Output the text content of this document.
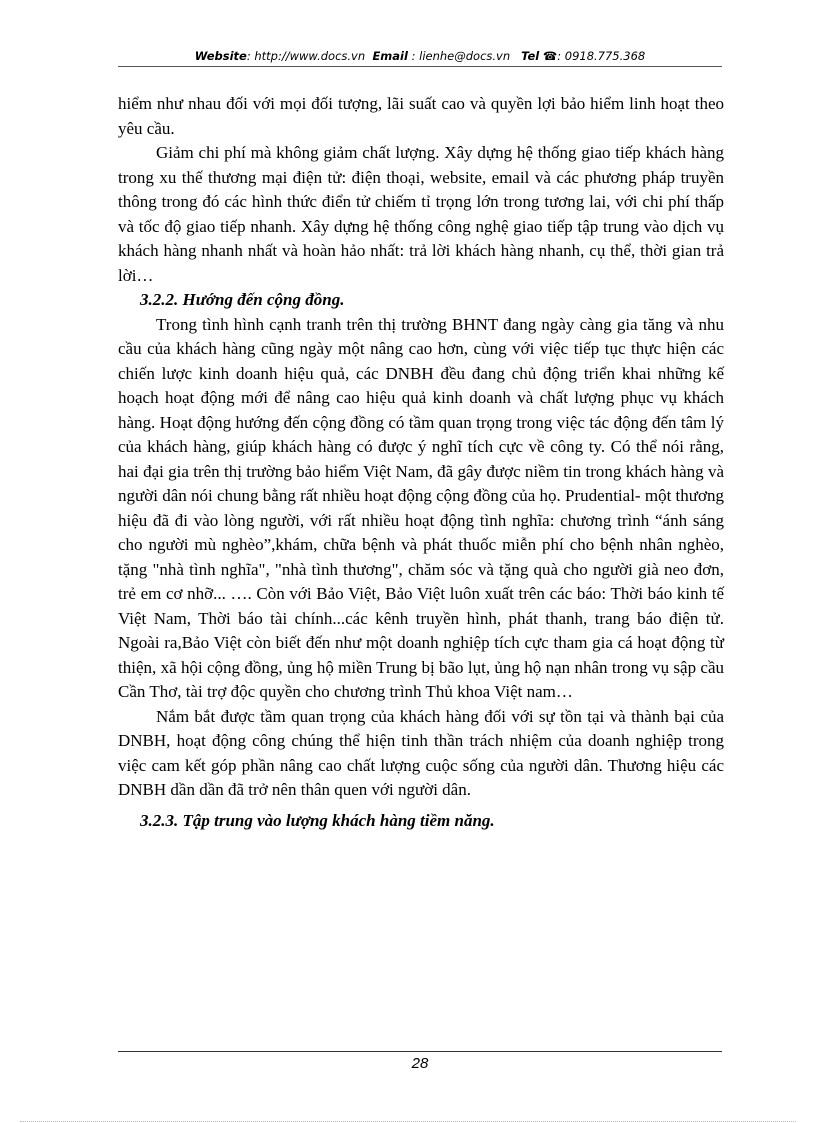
Website: http://www.docs.vn Email : lienhe@docs.vn Tel ☎: 0918.775.368

hiểm như nhau đối với mọi đối tượng, lãi suất cao và quyền lợi bảo hiểm linh hoạt theo yêu cầu.

Giảm chi phí mà không giảm chất lượng. Xây dựng hệ thống giao tiếp khách hàng trong xu thế thương mại điện tử: điện thoại, website, email và các phương pháp truyền thông trong đó các hình thức điển tử chiếm tỉ trọng lớn trong tương lai, với chi phí thấp và tốc độ giao tiếp nhanh. Xây dựng hệ thống công nghệ giao tiếp tập trung vào dịch vụ khách hàng nhanh nhất và hoàn hảo nhất: trả lời khách hàng nhanh, cụ thể, thời gian trả lời…

3.2.2. Hướng đến cộng đồng.

Trong tình hình cạnh tranh trên thị trường BHNT đang ngày càng gia tăng và nhu cầu của khách hàng cũng ngày một nâng cao hơn, cùng với việc tiếp tục thực hiện các chiến lược kinh doanh hiệu quả, các DNBH đều đang chủ động triển khai những kế hoạch hoạt động mới để nâng cao hiệu quả kinh doanh và chất lượng phục vụ khách hàng. Hoạt động hướng đến cộng đồng có tầm quan trọng trong việc tác động đến tâm lý của khách hàng, giúp khách hàng có được ý nghĩ tích cực về công ty. Có thể nói rằng, hai đại gia trên thị trường bảo hiểm Việt Nam, đã gây được niềm tin trong khách hàng và người dân nói chung bằng rất nhiều hoạt động cộng đồng của họ. Prudential- một thương hiệu đã đi vào lòng người, với rất nhiều hoạt động tình nghĩa: chương trình “ánh sáng cho người mù nghèo”,khám, chữa bệnh và phát thuốc miễn phí cho bệnh nhân nghèo, tặng "nhà tình nghĩa", "nhà tình thương", chăm sóc và tặng quà cho người già neo đơn, trẻ em cơ nhỡ... …. Còn với Bảo Việt, Bảo Việt luôn xuất trên các báo: Thời báo kinh tế Việt Nam, Thời báo tài chính...các kênh truyền hình, phát thanh, trang báo điện tử. Ngoài ra,Bảo Việt còn biết đến như một doanh nghiệp tích cực tham gia cá hoạt động từ thiện, xã hội cộng đồng, ủng hộ miền Trung bị bão lụt, ủng hộ nạn nhân trong vụ sập cầu Cần Thơ, tài trợ độc quyền cho chương trình Thủ khoa Việt nam…

Nắm bắt được tầm quan trọng của khách hàng đối với sự tồn tại và thành bại của DNBH, hoạt động công chúng thể hiện tinh thần trách nhiệm của doanh nghiệp trong việc cam kết góp phần nâng cao chất lượng cuộc sống của người dân. Thương hiệu các DNBH dần dần đã trở nên thân quen với người dân.

3.2.3. Tập trung vào lượng khách hàng tiềm năng.

28
